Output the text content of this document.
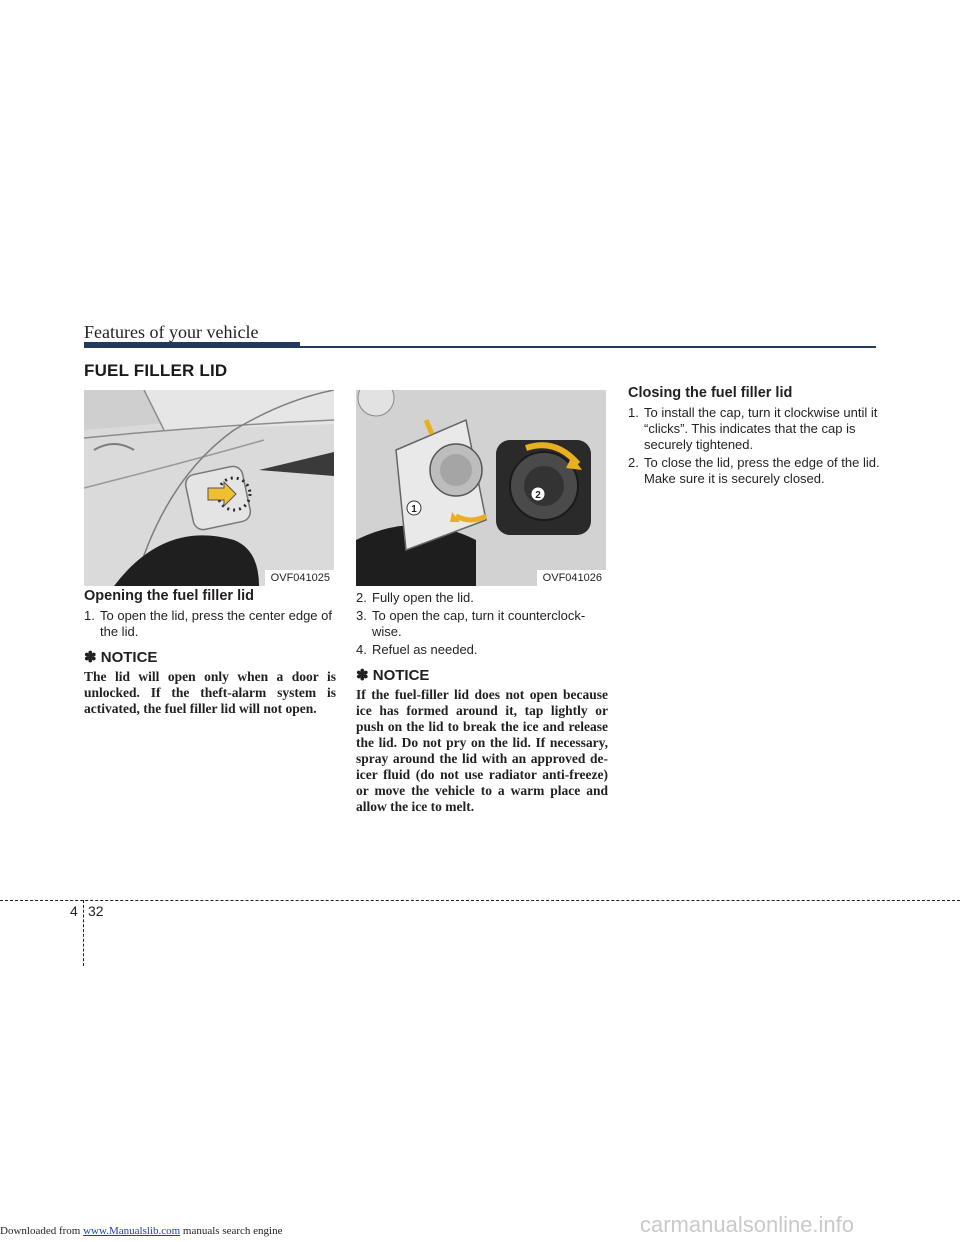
Features of your vehicle
FUEL FILLER LID
OVF041025
1
2
OVF041026
Opening the fuel filler lid
1. To open the lid, press the center edge of the lid.
✽ NOTICE
The lid will open only when a door is unlocked. If the theft-alarm system is activated, the fuel filler lid will not open.
2. Fully open the lid.
3. To open the cap, turn it counterclock-wise.
4. Refuel as needed.
✽ NOTICE
If the fuel-filler lid does not open because ice has formed around it, tap lightly or push on the lid to break the ice and release the lid. Do not pry on the lid. If necessary, spray around the lid with an approved de-icer fluid (do not use radiator anti-freeze) or move the vehicle to a warm place and allow the ice to melt.
Closing the fuel filler lid
1. To install the cap, turn it clockwise until it “clicks”. This indicates that the cap is securely tightened.
2. To close the lid, press the edge of the lid. Make sure it is securely closed.
4 32
carmanualsonline.info
Downloaded from www.Manualslib.com manuals search engine
